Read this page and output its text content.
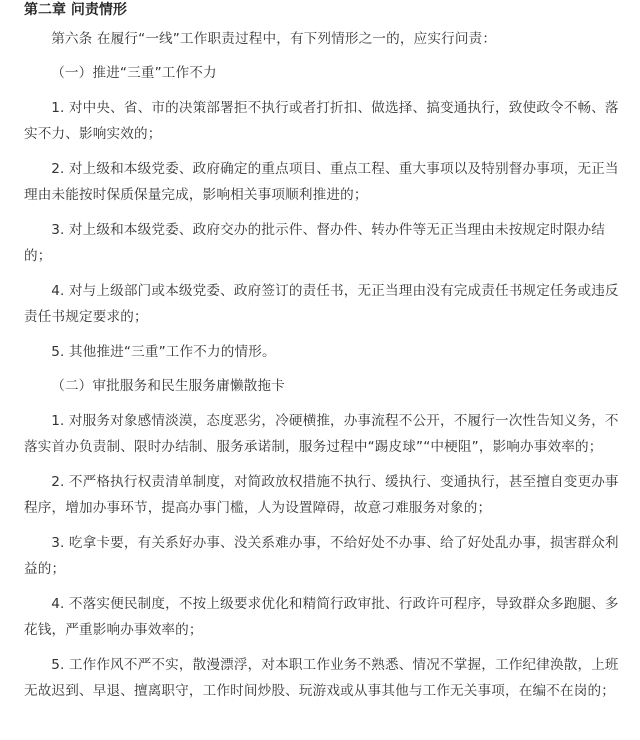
第二章 问责情形

第六条 在履行“一线”工作职责过程中，有下列情形之一的，应实行问责：

（一）推进“三重”工作不力

1. 对中央、省、市的决策部署拒不执行或者打折扣、做选择、搞变通执行，致使政令不畅、落实不力、影响实效的；

2. 对上级和本级党委、政府确定的重点项目、重点工程、重大事项以及特别督办事项，无正当理由未能按时保质保量完成，影响相关事项顺利推进的；

3. 对上级和本级党委、政府交办的批示件、督办件、转办件等无正当理由未按规定时限办结的；

4. 对与上级部门或本级党委、政府签订的责任书，无正当理由没有完成责任书规定任务或违反责任书规定要求的；

5. 其他推进“三重”工作不力的情形。

（二）审批服务和民生服务庸懒散拖卡

1. 对服务对象感情淡漠，态度恶劣，冷硬横推，办事流程不公开，不履行一次性告知义务，不落实首办负责制、限时办结制、服务承诺制，服务过程中“踢皮球”“中梗阻”，影响办事效率的；

2. 不严格执行权责清单制度，对简政放权措施不执行、缓执行、变通执行，甚至擅自变更办事程序，增加办事环节，提高办事门槛，人为设置障碍，故意刁难服务对象的；

3. 吃拿卡要，有关系好办事、没关系难办事，不给好处不办事、给了好处乱办事，损害群众利益的；

4. 不落实便民制度，不按上级要求优化和精简行政审批、行政许可程序，导致群众多跑腿、多花钱，严重影响办事效率的；

5. 工作作风不严不实，散漫漂浮，对本职工作业务不熟悉、情况不掌握，工作纪律涣散，上班无故迟到、早退、擅离职守，工作时间炒股、玩游戏或从事其他与工作无关事项，在编不在岗的；
